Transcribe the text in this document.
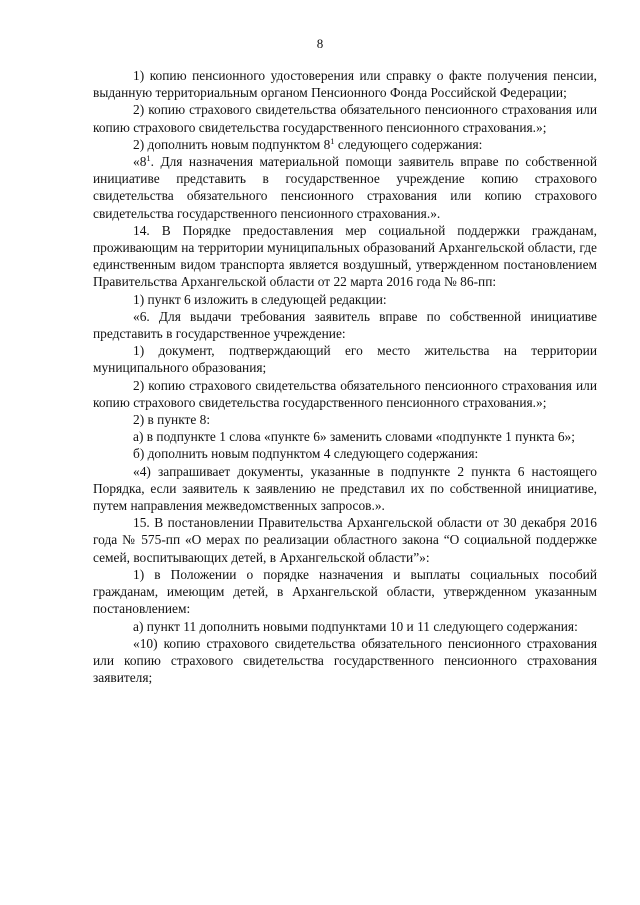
8

1) копию пенсионного удостоверения или справку о факте получения пенсии, выданную территориальным органом Пенсионного Фонда Российской Федерации;

2) копию страхового свидетельства обязательного пенсионного страхования или копию страхового свидетельства государственного пенсионного страхования.»;

2) дополнить новым подпунктом $8^1$ следующего содержания:

«$8^1$. Для назначения материальной помощи заявитель вправе по собственной инициативе представить в государственное учреждение копию страхового свидетельства обязательного пенсионного страхования или копию страхового свидетельства государственного пенсионного страхования.».

14. В Порядке предоставления мер социальной поддержки гражданам, проживающим на территории муниципальных образований Архангельской области, где единственным видом транспорта является воздушный, утвержденном постановлением Правительства Архангельской области от 22 марта 2016 года № 86-пп:

1) пункт 6 изложить в следующей редакции:

«6. Для выдачи требования заявитель вправе по собственной инициативе представить в государственное учреждение:

1) документ, подтверждающий его место жительства на территории муниципального образования;

2) копию страхового свидетельства обязательного пенсионного страхования или копию страхового свидетельства государственного пенсионного страхования.»;

2) в пункте 8:

а) в подпункте 1 слова «пункте 6» заменить словами «подпункте 1 пункта 6»;

б) дополнить новым подпунктом 4 следующего содержания:

«4) запрашивает документы, указанные в подпункте 2 пункта 6 настоящего Порядка, если заявитель к заявлению не представил их по собственной инициативе, путем направления межведомственных запросов.».

15. В постановлении Правительства Архангельской области от 30 декабря 2016 года № 575-пп «О мерах по реализации областного закона “О социальной поддержке семей, воспитывающих детей, в Архангельской области”»:

1) в Положении о порядке назначения и выплаты социальных пособий гражданам, имеющим детей, в Архангельской области, утвержденном указанным постановлением:

а) пункт 11 дополнить новыми подпунктами 10 и 11 следующего содержания:

«10) копию страхового свидетельства обязательного пенсионного страхования или копию страхового свидетельства государственного пенсионного страхования заявителя;
